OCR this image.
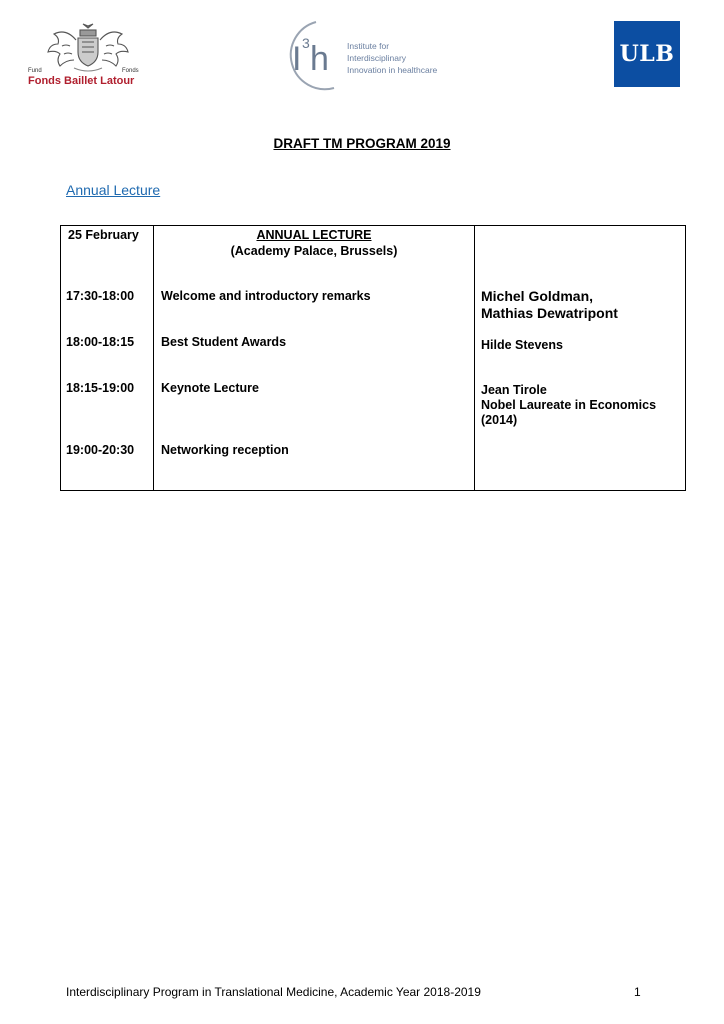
Fund	Fonds
Fonds Baillet Latour
I 3 h Institute for
Interdisciplinary
Innovation in healthcare
ULB
DRAFT TM PROGRAM 2019
Annual Lecture
25 February	ANNUAL LECTURE
(Academy Palace, Brussels)
17:30-18:00 Welcome and introductory remarks	Michel Goldman,
Mathias Dewatripont
18:00-18:15 Best Student Awards	Hilde Stevens
18:15-19:00 Keynote Lecture	Jean Tirole
Nobel Laureate in Economics
(2014)
19:00-20:30 Networking reception
Interdisciplinary Program in Translational Medicine, Academic Year 2018-2019	1
